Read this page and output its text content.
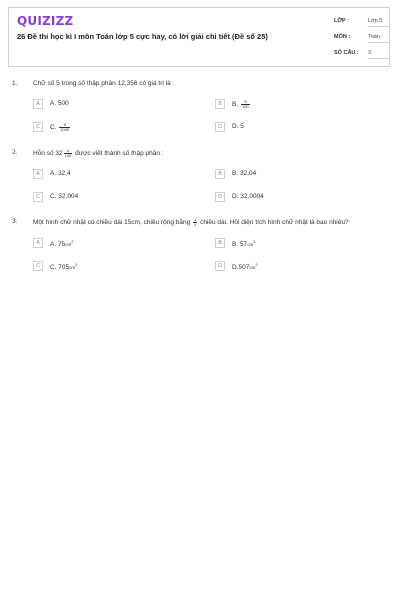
QUIZIZZ
26 Đề thi học kì I môn Toán lớp 5 cực hay, có lời giải chi tiết (Đề số 25)
LỚP :	Lớp 5
MÔN :	Toán
SỐ CÂU : 3
1. Chữ số 5 trong số thập phân 12,356 có giá trị là :
A	A. 500	B	B. $\frac{5}{100}$
C	C. $\frac{5}{1000}$	D	D. 5
2. Hỗn số $32 \frac{4}{100}$ được viết thành số thập phân :
A	A. 32,4	B	B. 32,04
C	C. 32,004	D	D. 32,0004
3. Một hình chữ nhật có chiều dài 15cm, chiều rộng bằng $\frac{1}{3}$ chiều dài. Hỏi diện tích hình chữ nhật là bao nhiêu?
A	A. $75cm^2$	B	B. $57cm^2$
C	C. $705cm^2$	D	$D.507cm^2$
